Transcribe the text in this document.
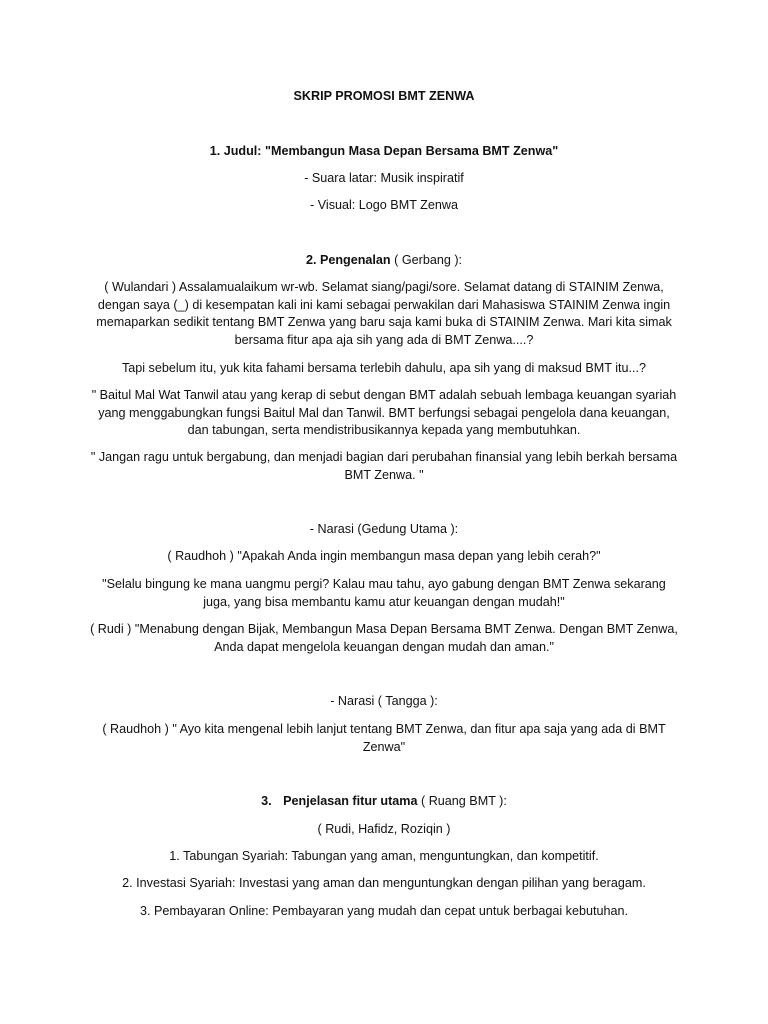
SKRIP PROMOSI BMT ZENWA

1. Judul: "Membangun Masa Depan Bersama BMT Zenwa"

- Suara latar: Musik inspiratif

- Visual: Logo BMT Zenwa

2. Pengenalan ( Gerbang ):

( Wulandari ) Assalamualaikum wr-wb. Selamat siang/pagi/sore. Selamat datang di STAINIM Zenwa, dengan saya (_) di kesempatan kali ini kami sebagai perwakilan dari Mahasiswa STAINIM Zenwa ingin memaparkan sedikit tentang BMT Zenwa yang baru saja kami buka di STAINIM Zenwa. Mari kita simak bersama fitur apa aja sih yang ada di BMT Zenwa....?

Tapi sebelum itu, yuk kita fahami bersama terlebih dahulu, apa sih yang di maksud BMT itu...?

" Baitul Mal Wat Tanwil atau yang kerap di sebut dengan BMT adalah sebuah lembaga keuangan syariah yang menggabungkan fungsi Baitul Mal dan Tanwil. BMT berfungsi sebagai pengelola dana keuangan, dan tabungan, serta mendistribusikannya kepada yang membutuhkan.

" Jangan ragu untuk bergabung, dan menjadi bagian dari perubahan finansial yang lebih berkah bersama BMT Zenwa. "

- Narasi (Gedung Utama ):

( Raudhoh ) "Apakah Anda ingin membangun masa depan yang lebih cerah?"

"Selalu bingung ke mana uangmu pergi? Kalau mau tahu, ayo gabung dengan BMT Zenwa sekarang juga, yang bisa membantu kamu atur keuangan dengan mudah!"

( Rudi ) "Menabung dengan Bijak, Membangun Masa Depan Bersama BMT Zenwa. Dengan BMT Zenwa, Anda dapat mengelola keuangan dengan mudah dan aman."

- Narasi ( Tangga ):

( Raudhoh ) " Ayo kita mengenal lebih lanjut tentang BMT Zenwa, dan fitur apa saja yang ada di BMT Zenwa"

3. Penjelasan fitur utama ( Ruang BMT ):

( Rudi, Hafidz, Roziqin )

1. Tabungan Syariah: Tabungan yang aman, menguntungkan, dan kompetitif.

2. Investasi Syariah: Investasi yang aman dan menguntungkan dengan pilihan yang beragam.

3. Pembayaran Online: Pembayaran yang mudah dan cepat untuk berbagai kebutuhan.
